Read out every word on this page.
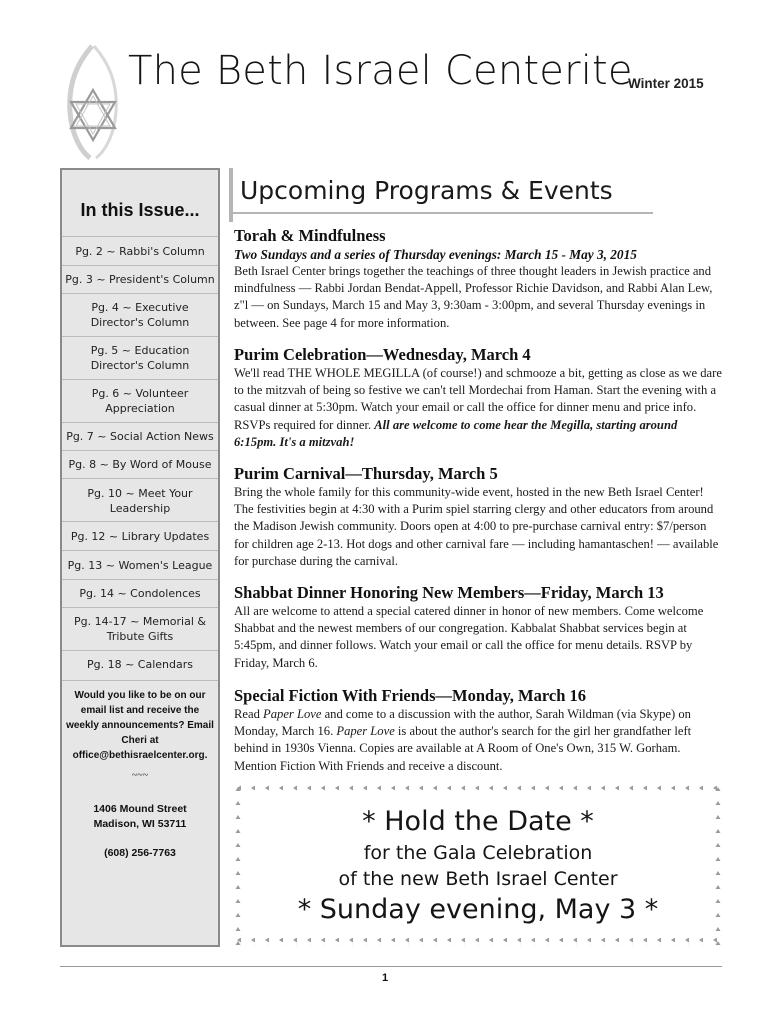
The Beth Israel Centerite
Winter 2015
In this Issue...
Pg. 2 ~ Rabbi's Column
Pg. 3 ~ President's Column
Pg. 4 ~ Executive Director's Column
Pg. 5 ~ Education Director's Column
Pg. 6 ~ Volunteer Appreciation
Pg. 7 ~ Social Action News
Pg. 8 ~ By Word of Mouse
Pg. 10 ~ Meet Your Leadership
Pg. 12 ~ Library Updates
Pg. 13 ~ Women's League
Pg. 14 ~ Condolences
Pg. 14-17 ~ Memorial & Tribute Gifts
Pg. 18 ~ Calendars
Would you like to be on our email list and receive the weekly announcements? Email Cheri at office@bethisraelcenter.org.
~~~
1406 Mound Street
Madison, WI 53711
(608) 256-7763
Upcoming Programs & Events
Torah & Mindfulness
Two Sundays and a series of Thursday evenings: March 15 - May 3, 2015
Beth Israel Center brings together the teachings of three thought leaders in Jewish practice and mindfulness — Rabbi Jordan Bendat-Appell, Professor Richie Davidson, and Rabbi Alan Lew, z"l — on Sundays, March 15 and May 3, 9:30am - 3:00pm, and several Thursday evenings in between. See page 4 for more information.
Purim Celebration—Wednesday, March 4
We'll read THE WHOLE MEGILLA (of course!) and schmooze a bit, getting as close as we dare to the mitzvah of being so festive we can't tell Mordechai from Haman. Start the evening with a casual dinner at 5:30pm. Watch your email or call the office for dinner menu and price info. RSVPs required for dinner. All are welcome to come hear the Megilla, starting around 6:15pm. It's a mitzvah!
Purim Carnival—Thursday, March 5
Bring the whole family for this community-wide event, hosted in the new Beth Israel Center! The festivities begin at 4:30 with a Purim spiel starring clergy and other educators from around the Madison Jewish community. Doors open at 4:00 to pre-purchase carnival entry: $7/person for children age 2-13. Hot dogs and other carnival fare — including hamantaschen! — available for purchase during the carnival.
Shabbat Dinner Honoring New Members—Friday, March 13
All are welcome to attend a special catered dinner in honor of new members. Come welcome Shabbat and the newest members of our congregation. Kabbalat Shabbat services begin at 5:45pm, and dinner follows. Watch your email or call the office for menu details. RSVP by Friday, March 6.
Special Fiction With Friends—Monday, March 16
Read Paper Love and come to a discussion with the author, Sarah Wildman (via Skype) on Monday, March 16. Paper Love is about the author's search for the girl her grandfather left behind in 1930s Vienna. Copies are available at A Room of One's Own, 315 W. Gorham. Mention Fiction With Friends and receive a discount.
* Hold the Date *
for the Gala Celebration
of the new Beth Israel Center
* Sunday evening, May 3 *
1
